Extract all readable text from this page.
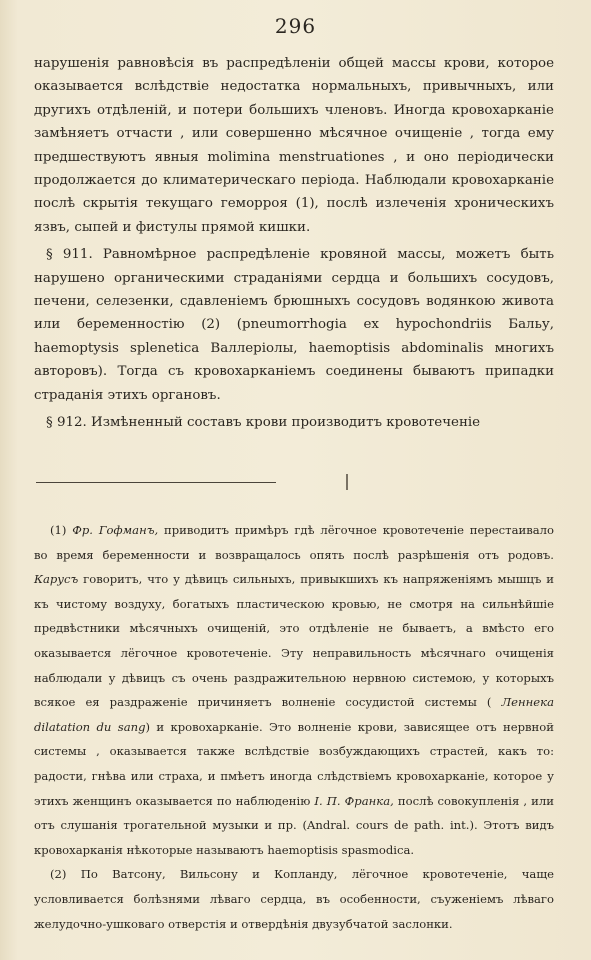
296

нарушенія равновѣсія въ распредѣленіи общей массы крови, которое оказывается вслѣдствіе недостатка нормальныхъ, привычныхъ, или другихъ отдѣленій, и потери большихъ членовъ. Иногда кровохарканіе замѣняетъ отчасти , или совершенно мѣсячное очищеніе , тогда ему предшествуютъ явныя molimina menstruationes , и оно періодически продолжается до климатерическаго періода. Наблюдали кровохарканіе послѣ скрытія текущаго геморроя (1), послѣ излеченія хроническихъ язвъ, сыпей и фистулы прямой кишки.

§ 911. Равномѣрное распредѣленіе кровяной массы, можетъ быть нарушено органическими страданіями сердца и большихъ сосудовъ, печени, селезенки, сдавленіемъ брюшныхъ сосудовъ водянкою живота или беременностію (2) (pneumorrhogia ex hypochondriis Бальу, haemoptysis splenetica Валлеріолы, haemoptisis abdominalis многихъ авторовъ). Тогда съ кровохарканіемъ соединены бываютъ припадки страданія этихъ органовъ.

§ 912. Измѣненный составъ крови производитъ кровотеченіе

(1) Фр. Гофманъ, приводитъ примѣръ гдѣ лёгочное кровотеченіе перестаивало во время беременности и возвращалось опять послѣ разрѣшенія отъ родовъ. Карусъ говоритъ, что у дѣвицъ сильныхъ, привыкшихъ къ напряженіямъ мышцъ и къ чистому воздуху, богатыхъ пластическою кровью, не смотря на сильнѣйшіе предвѣстники мѣсячныхъ очищеній, это отдѣленіе не бываетъ, а вмѣсто его оказывается лёгочное кровотеченіе. Эту неправильность мѣсячнаго очищенія наблюдали у дѣвицъ съ очень раздражительною нервною системою, у которыхъ всякое ея раздраженіе причиняетъ волненіе сосудистой системы ( Леннека dilatation du sang) и кровохарканіе. Это волненіе крови, зависящее отъ нервной системы , оказывается также вслѣдствіе возбуждающихъ страстей, какъ то: радости, гнѣва или страха, и пмѣетъ иногда слѣдствіемъ кровохарканіе, которое у этихъ женщинъ оказывается по наблюденію І. П. Франка, послѣ совокупленія , или отъ слушанія трогательной музыки и пр. (Andral. cours de path. int.). Этотъ видъ кровохарканія нѣкоторые называютъ haemoptisis spasmodica.

(2) По Ватсону, Вильсону и Копланду, лёгочное кровотеченіе, чаще условливается болѣзнями лѣваго сердца, въ особенности, съуженіемъ лѣваго желудочно-ушковаго отверстія и отвердѣнія двузубчатой заслонки.
